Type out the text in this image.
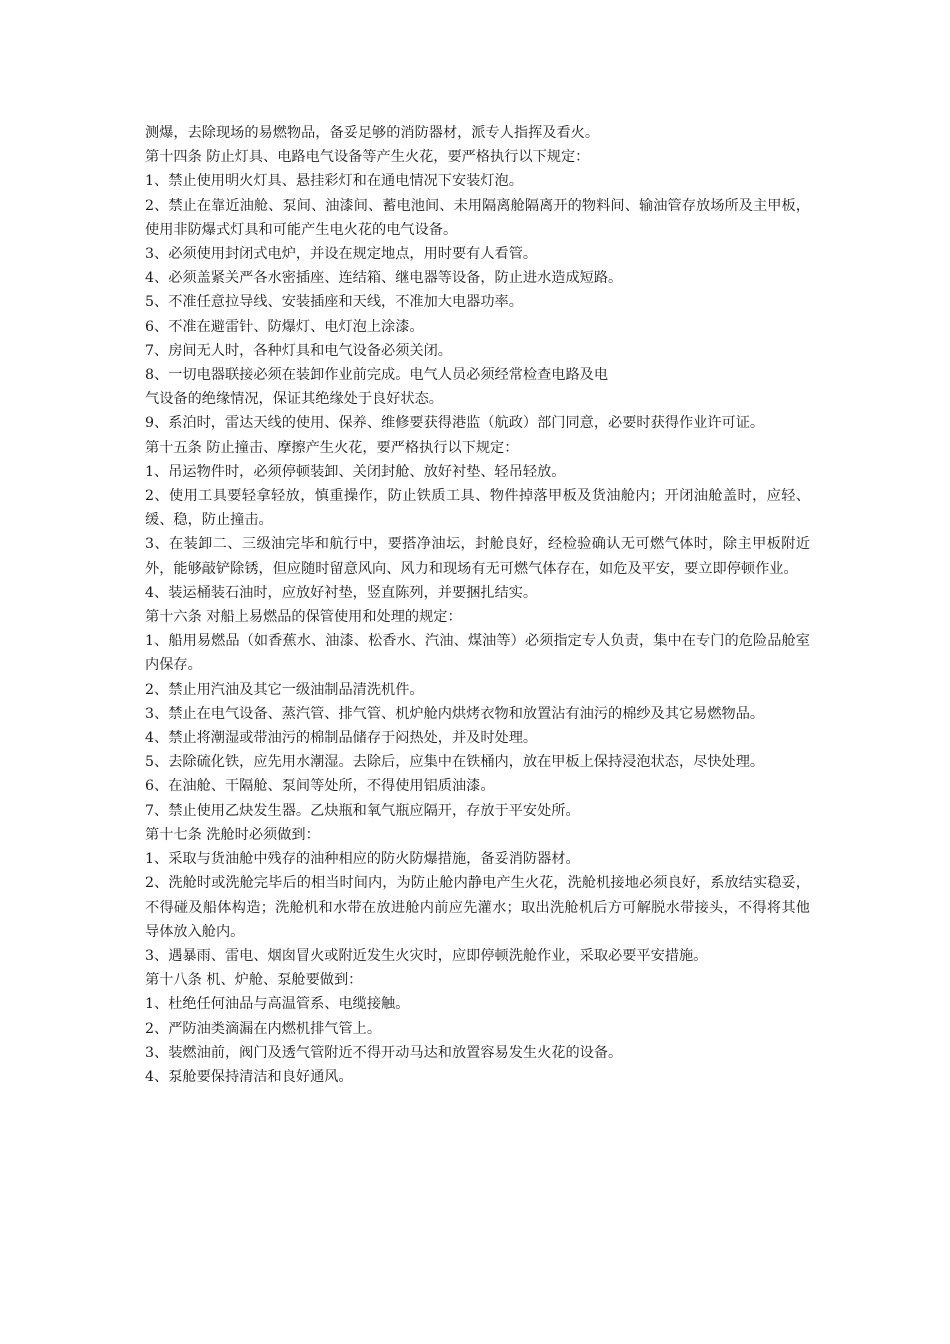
测爆，去除现场的易燃物品，备妥足够的消防器材，派专人指挥及看火。

第十四条 防止灯具、电路电气设备等产生火花，要严格执行以下规定：

1、禁止使用明火灯具、悬挂彩灯和在通电情况下安装灯泡。

2、禁止在靠近油舱、泵间、油漆间、蓄电池间、未用隔离舱隔离开的物料间、输油管存放场所及主甲板，使用非防爆式灯具和可能产生电火花的电气设备。

3、必须使用封闭式电炉，并设在规定地点，用时要有人看管。

4、必须盖紧关严各水密插座、连结箱、继电器等设备，防止进水造成短路。

5、不准任意拉导线、安装插座和天线，不准加大电器功率。

6、不准在避雷针、防爆灯、电灯泡上涂漆。

7、房间无人时，各种灯具和电气设备必须关闭。

8、一切电器联接必须在装卸作业前完成。电气人员必须经常检查电路及电

气设备的绝缘情况，保证其绝缘处于良好状态。

9、系泊时，雷达天线的使用、保养、维修要获得港监（航政）部门同意，必要时获得作业许可证。

第十五条 防止撞击、摩擦产生火花，要严格执行以下规定：

1、吊运物件时，必须停顿装卸、关闭封舱、放好衬垫、轻吊轻放。

2、使用工具要轻拿轻放，慎重操作，防止铁质工具、物件掉落甲板及货油舱内；开闭油舱盖时，应轻、缓、稳，防止撞击。

3、在装卸二、三级油完毕和航行中，要搭净油坛，封舱良好，经检验确认无可燃气体时，除主甲板附近外，能够敲铲除锈，但应随时留意风向、风力和现场有无可燃气体存在，如危及平安，要立即停顿作业。

4、装运桶装石油时，应放好衬垫，竖直陈列，并要捆扎结实。

第十六条 对船上易燃品的保管使用和处理的规定：

1、船用易燃品（如香蕉水、油漆、松香水、汽油、煤油等）必须指定专人负责，集中在专门的危险品舱室内保存。

2、禁止用汽油及其它一级油制品清洗机件。

3、禁止在电气设备、蒸汽管、排气管、机炉舱内烘烤衣物和放置沾有油污的棉纱及其它易燃物品。

4、禁止将潮湿或带油污的棉制品储存于闷热处，并及时处理。

5、去除硫化铁，应先用水潮湿。去除后，应集中在铁桶内，放在甲板上保持浸泡状态，尽快处理。

6、在油舱、干隔舱、泵间等处所，不得使用铝质油漆。

7、禁止使用乙炔发生器。乙炔瓶和氧气瓶应隔开，存放于平安处所。

第十七条 洗舱时必须做到：

1、采取与货油舱中残存的油种相应的防火防爆措施，备妥消防器材。

2、洗舱时或洗舱完毕后的相当时间内，为防止舱内静电产生火花，洗舱机接地必须良好，系放结实稳妥，不得碰及船体构造；洗舱机和水带在放进舱内前应先灌水；取出洗舱机后方可解脱水带接头，不得将其他导体放入舱内。

3、遇暴雨、雷电、烟囱冒火或附近发生火灾时，应即停顿洗舱作业，采取必要平安措施。

第十八条 机、炉舱、泵舱要做到：

1、杜绝任何油品与高温管系、电缆接触。

2、严防油类滴漏在内燃机排气管上。

3、装燃油前，阀门及透气管附近不得开动马达和放置容易发生火花的设备。

4、泵舱要保持清洁和良好通风。
